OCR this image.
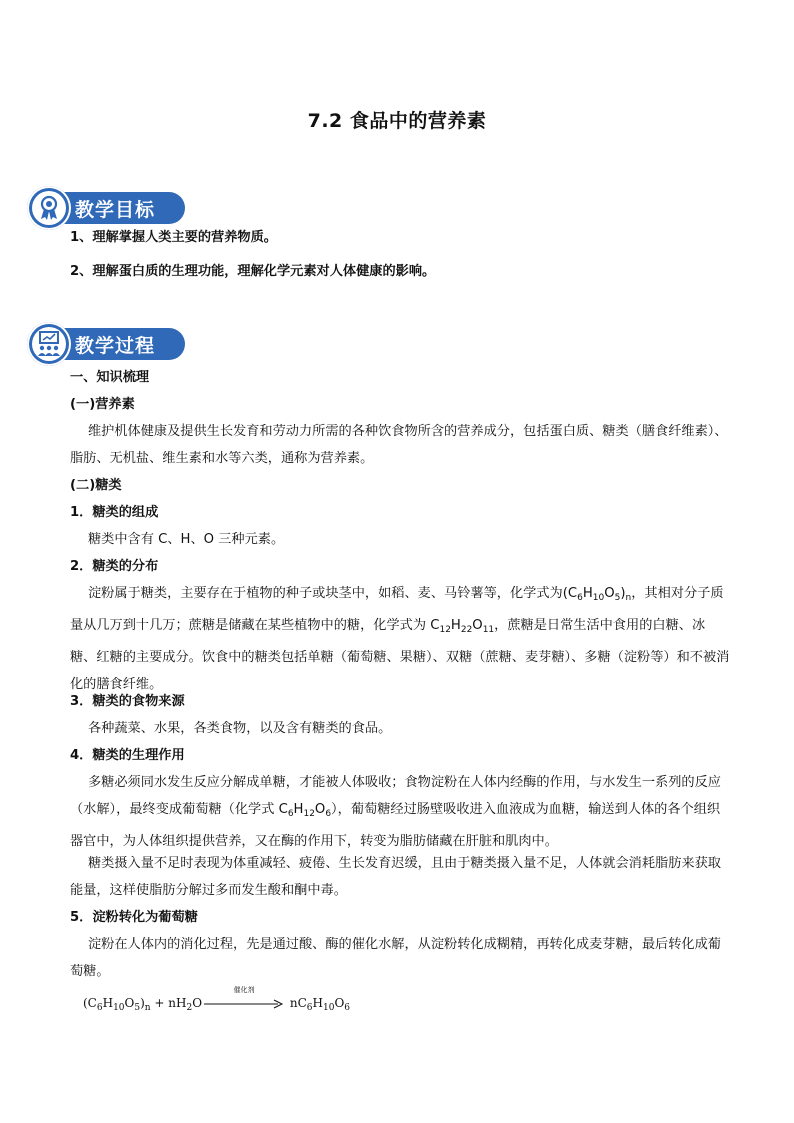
7.2 食品中的营养素
教学目标
1、理解掌握人类主要的营养物质。
2、理解蛋白质的生理功能，理解化学元素对人体健康的影响。
教学过程
一、知识梳理
(一)营养素
维护机体健康及提供生长发育和劳动力所需的各种饮食物所含的营养成分，包括蛋白质、糖类（膳食纤维素）、脂肪、无机盐、维生素和水等六类，通称为营养素。
(二)糖类
1．糖类的组成
糖类中含有 C、H、O 三种元素。
2．糖类的分布
淀粉属于糖类，主要存在于植物的种子或块茎中，如稻、麦、马铃薯等，化学式为$(C_6H_{10}O_5)_n$，其相对分子质量从几万到十几万；蔗糖是储藏在某些植物中的糖，化学式为 $C_{12}H_{22}O_{11}$，蔗糖是日常生活中食用的白糖、冰糖、红糖的主要成分。饮食中的糖类包括单糖（葡萄糖、果糖）、双糖（蔗糖、麦芽糖）、多糖（淀粉等）和不被消化的膳食纤维。
3．糖类的食物来源
各种蔬菜、水果，各类食物，以及含有糖类的食品。
4．糖类的生理作用
多糖必须同水发生反应分解成单糖，才能被人体吸收；食物淀粉在人体内经酶的作用，与水发生一系列的反应（水解），最终变成葡萄糖（化学式 $C_6H_{12}O_6$），葡萄糖经过肠壁吸收进入血液成为血糖，输送到人体的各个组织器官中，为人体组织提供营养，又在酶的作用下，转变为脂肪储藏在肝脏和肌肉中。
糖类摄入量不足时表现为体重减轻、疲倦、生长发育迟缓，且由于糖类摄入量不足，人体就会消耗脂肪来获取能量，这样使脂肪分解过多而发生酸和酮中毒。
5．淀粉转化为葡萄糖
淀粉在人体内的消化过程，先是通过酸、酶的催化水解，从淀粉转化成糊精，再转化成麦芽糖，最后转化成葡萄糖。
$(C_6H_{10}O_5)_n + nH_2O$
催化剂
$nC_6H_{10}O_6$
